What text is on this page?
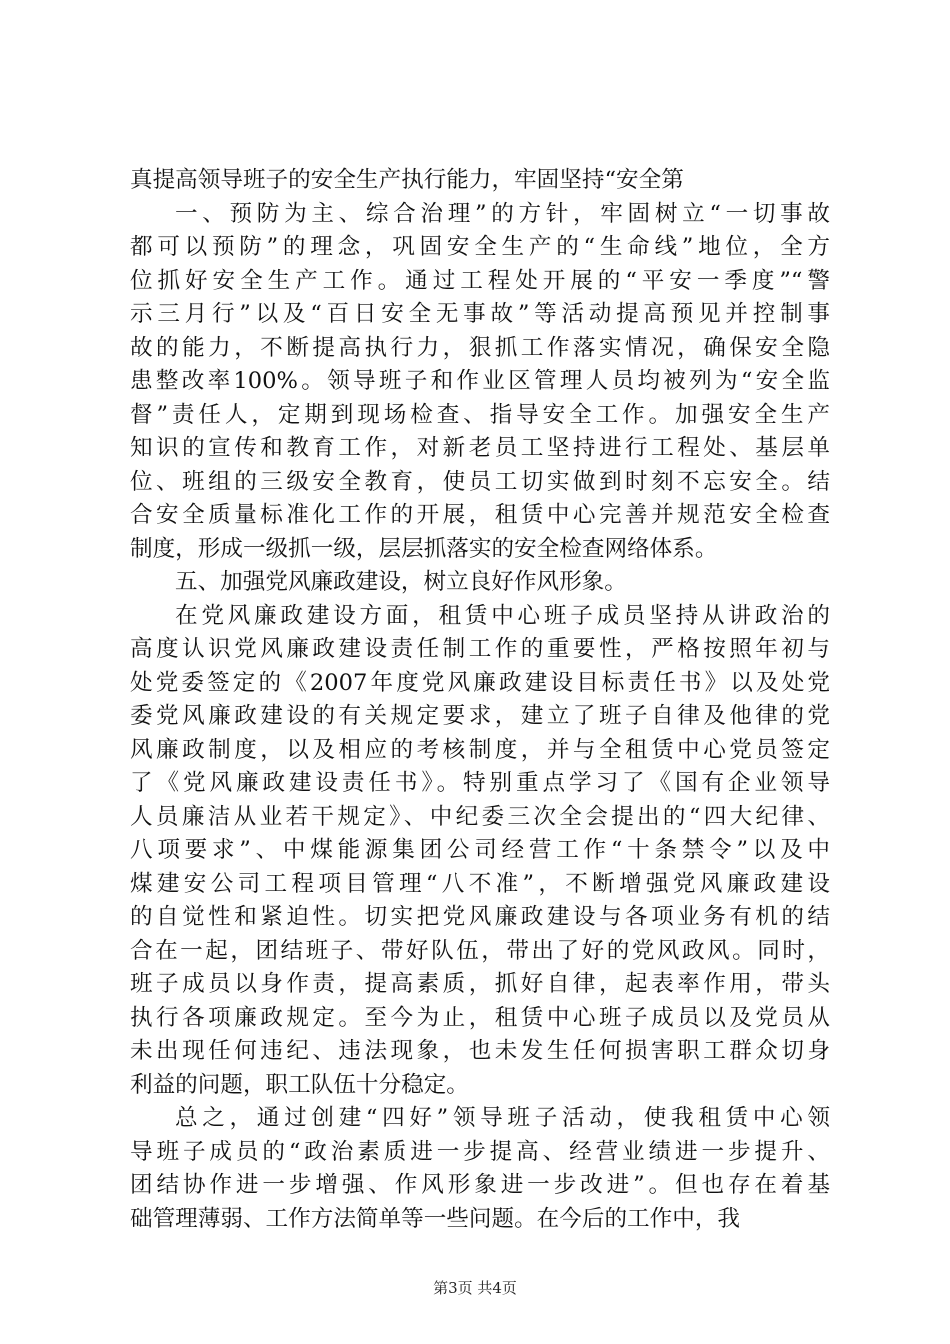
真提高领导班子的安全生产执行能力，牢固坚持“安全第
一、预防为主、综合治理”的方针，牢固树立“一切事故
都可以预防”的理念，巩固安全生产的“生命线”地位，全方
位抓好安全生产工作。通过工程处开展的“平安一季度”“警
示三月行”以及“百日安全无事故”等活动提高预见并控制事
故的能力，不断提高执行力，狠抓工作落实情况，确保安全隐
患整改率100%。领导班子和作业区管理人员均被列为“安全监
督”责任人，定期到现场检查、指导安全工作。加强安全生产
知识的宣传和教育工作，对新老员工坚持进行工程处、基层单
位、班组的三级安全教育，使员工切实做到时刻不忘安全。结
合安全质量标准化工作的开展，租赁中心完善并规范安全检查
制度，形成一级抓一级，层层抓落实的安全检查网络体系。
五、加强党风廉政建设，树立良好作风形象。
在党风廉政建设方面，租赁中心班子成员坚持从讲政治的
高度认识党风廉政建设责任制工作的重要性，严格按照年初与
处党委签定的《2007年度党风廉政建设目标责任书》以及处党
委党风廉政建设的有关规定要求，建立了班子自律及他律的党
风廉政制度，以及相应的考核制度，并与全租赁中心党员签定
了《党风廉政建设责任书》。特别重点学习了《国有企业领导
人员廉洁从业若干规定》、中纪委三次全会提出的“四大纪律、
八项要求”、中煤能源集团公司经营工作“十条禁令”以及中
煤建安公司工程项目管理“八不准”，不断增强党风廉政建设
的自觉性和紧迫性。切实把党风廉政建设与各项业务有机的结
合在一起，团结班子、带好队伍，带出了好的党风政风。同时，
班子成员以身作责，提高素质，抓好自律，起表率作用，带头
执行各项廉政规定。至今为止，租赁中心班子成员以及党员从
未出现任何违纪、违法现象，也未发生任何损害职工群众切身
利益的问题，职工队伍十分稳定。
总之，通过创建“四好”领导班子活动，使我租赁中心领
导班子成员的“政治素质进一步提高、经营业绩进一步提升、
团结协作进一步增强、作风形象进一步改进”。但也存在着基
础管理薄弱、工作方法简单等一些问题。在今后的工作中，我
第3页 共4页
